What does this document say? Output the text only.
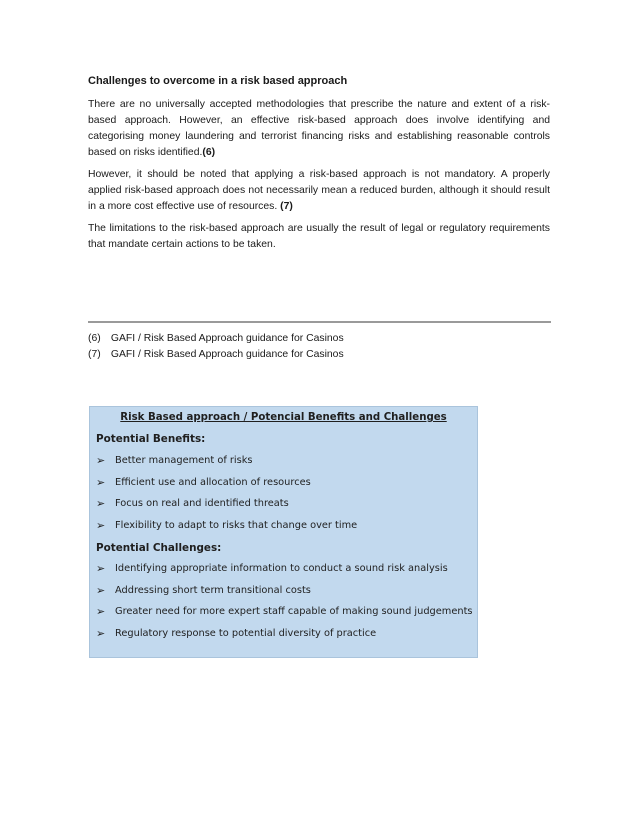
Challenges to overcome in a risk based approach

There are no universally accepted methodologies that prescribe the nature and extent of a risk-based approach. However, an effective risk-based approach does involve identifying and categorising money laundering and terrorist financing risks and establishing reasonable controls based on risks identified.(6)

However, it should be noted that applying a risk-based approach is not mandatory. A properly applied risk-based approach does not necessarily mean a reduced burden, although it should result in a more cost effective use of resources. (7)

The limitations to the risk-based approach are usually the result of legal or regulatory requirements that mandate certain actions to be taken.

(6) GAFI / Risk Based Approach guidance for Casinos

(7) GAFI / Risk Based Approach guidance for Casinos

Risk Based approach / Potencial Benefits and Challenges
Potential Benefits:
➢ Better management of risks
➢ Efficient use and allocation of resources
➢ Focus on real and identified threats
➢ Flexibility to adapt to risks that change over time
Potential Challenges:
➢ Identifying appropriate information to conduct a sound risk analysis
➢ Addressing short term transitional costs
➢ Greater need for more expert staff capable of making sound judgements
➢ Regulatory response to potential diversity of practice
